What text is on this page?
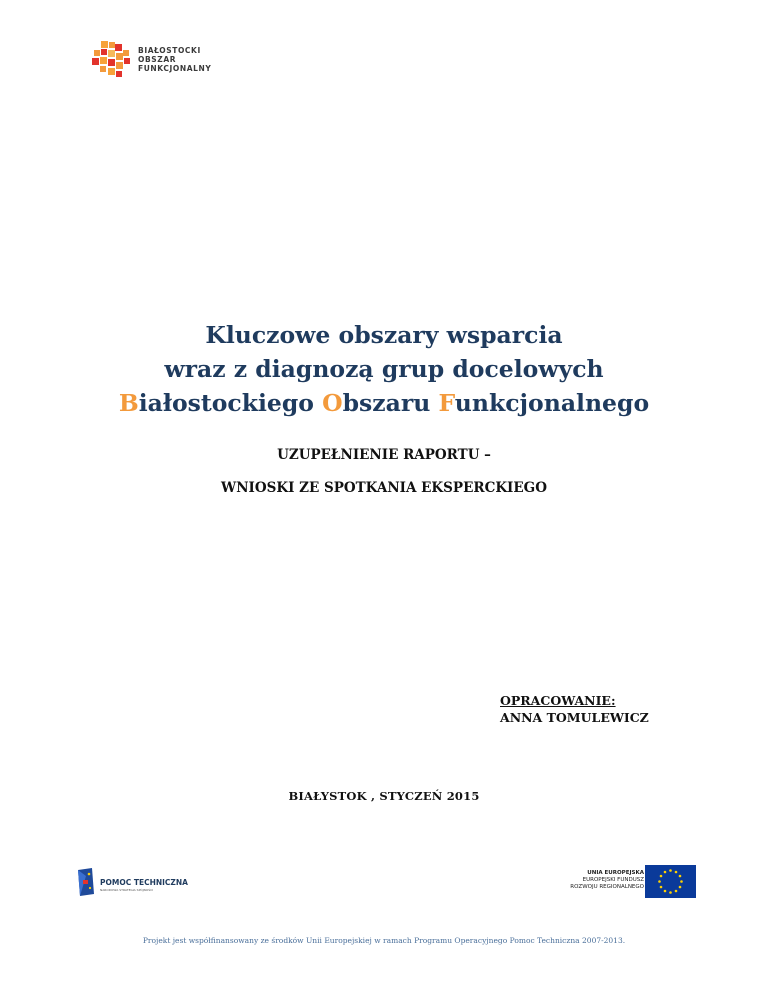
BIAŁOSTOCKI
OBSZAR
FUNKCJONALNY
Kluczowe obszary wsparcia
wraz z diagnozą grup docelowych
Białostockiego Obszaru Funkcjonalnego
UZUPEŁNIENIE RAPORTU –
WNIOSKI ZE SPOTKANIA EKSPERCKIEGO
OPRACOWANIE:
ANNA TOMULEWICZ
BIAŁYSTOK , STYCZEŃ 2015
POMOC TECHNICZNA
NARODOWA STRATEGIA SPÓJNOŚCI
UNIA EUROPEJSKA
EUROPEJSKI FUNDUSZ
ROZWOJU REGIONALNEGO
Projekt jest współfinansowany ze środków Unii Europejskiej w ramach Programu Operacyjnego Pomoc Techniczna 2007-2013.
